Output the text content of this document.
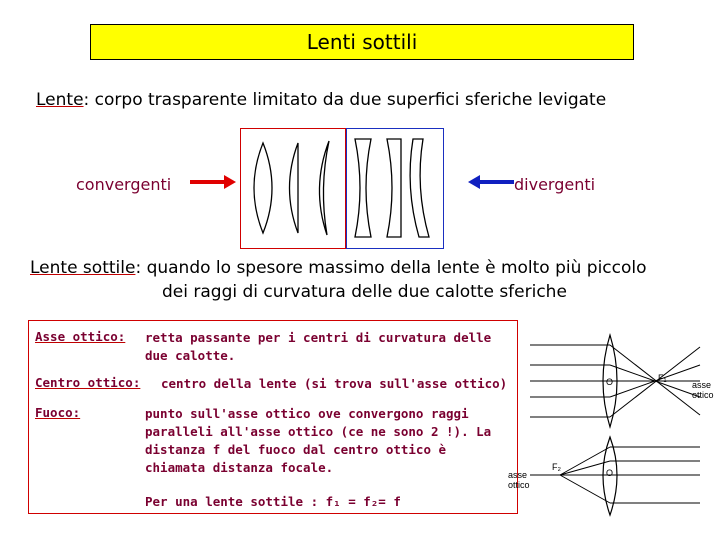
Lenti sottili
Lente: corpo trasparente limitato da due superfici sferiche levigate
convergenti	divergenti
Lente sottile: quando lo spesore massimo della lente è molto più piccolo
dei raggi di curvatura delle due calotte sferiche
Asse ottico: retta passante per i centri di curvatura delle
due calotte.
Centro ottico: centro della lente (si trova sull'asse ottico)
Fuoco:	punto sull'asse ottico ove convergono raggi
paralleli all'asse ottico (ce ne sono 2 !). La
distanza f del fuoco dal centro ottico è
chiamata distanza focale.
Per una lente sottile : f₁ = f₂= f
O	F₁
asse
ottico
F₂
O
asse
ottico
